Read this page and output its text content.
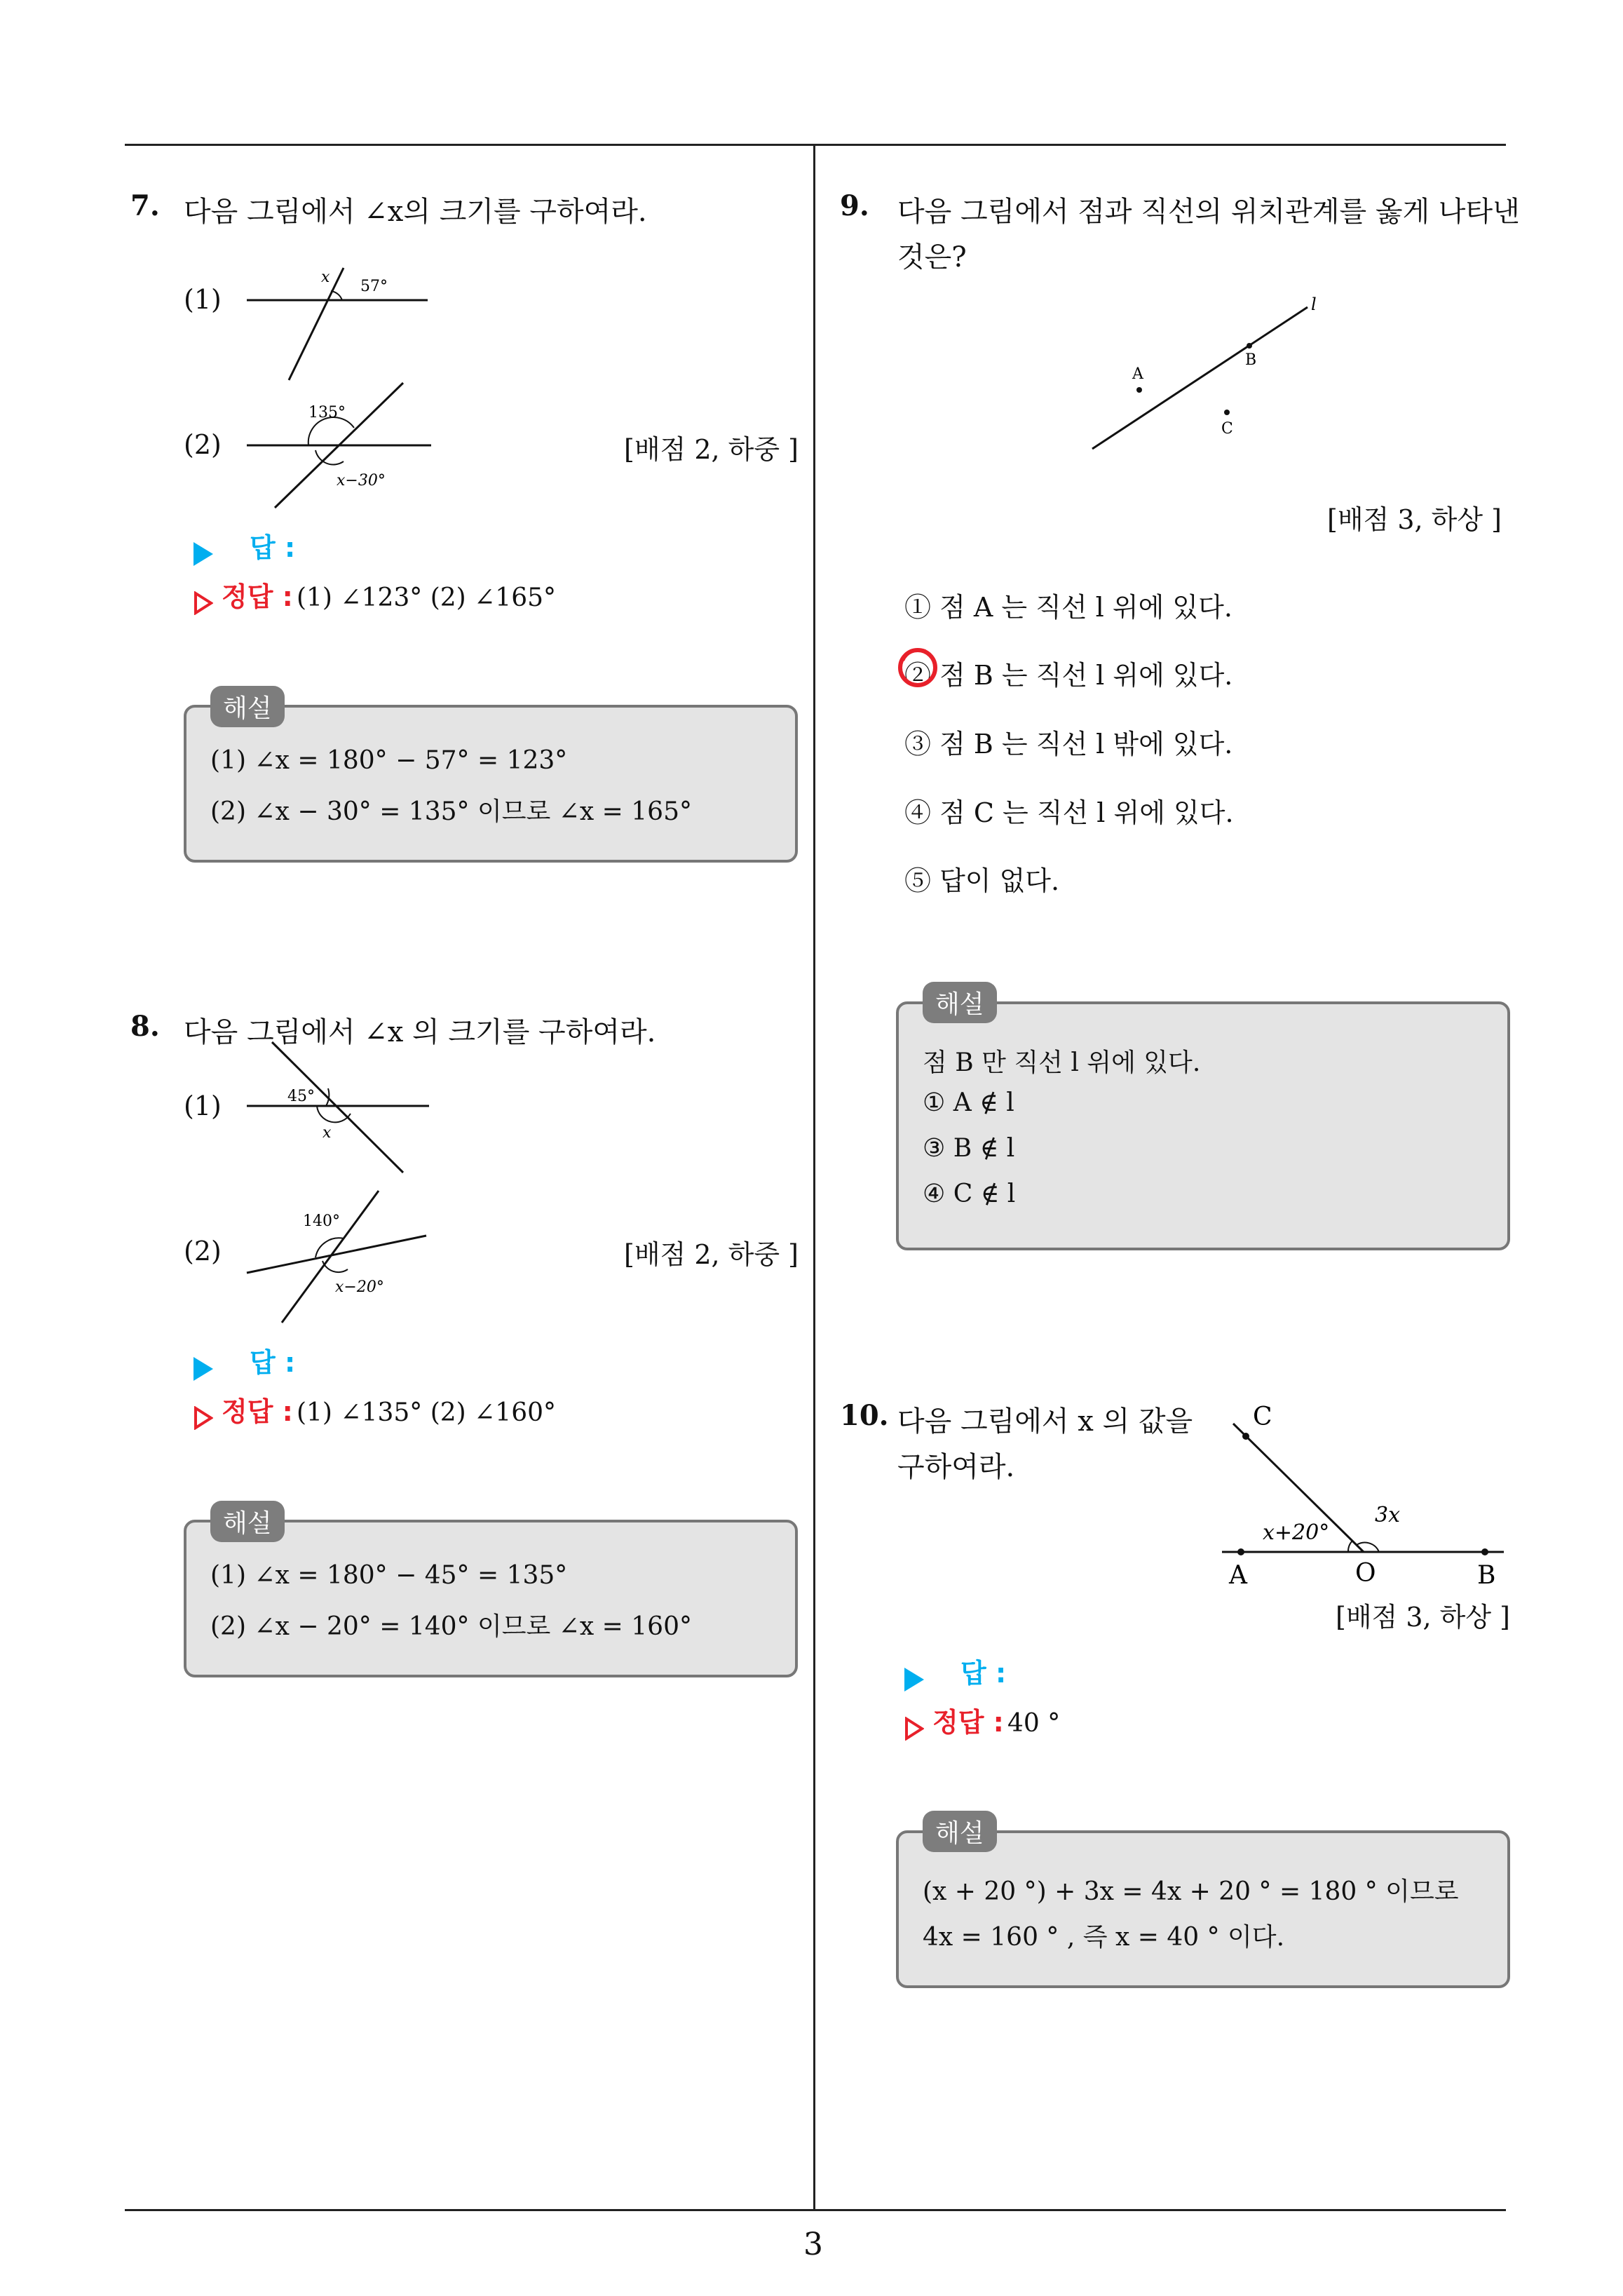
3
7. 다음 그림에서 ∠x의 크기를 구하여라.
(1)
x
57°
(2)
135°
x−30°
[배점 2, 하중 ]
답 :
정답 : (1) ∠123° (2) ∠165°
(1) ∠x = 180° − 57° = 123°
(2) ∠x − 30° = 135° 이므로 ∠x = 165°
해설
8. 다음 그림에서 ∠x 의 크기를 구하여라.
(1)	45°
x
(2)
140°
x−20°
[배점 2, 하중 ]
답 :
정답 : (1) ∠135° (2) ∠160°
(1) ∠x = 180° − 45° = 135°
(2) ∠x − 20° = 140° 이므로 ∠x = 160°
해설
9. 다음 그림에서 점과 직선의 위치관계를 옳게 나타낸
것은?
l
A
B
C
[배점 3, 하상 ]
① 점 A 는 직선 l 위에 있다.
② 점 B 는 직선 l 위에 있다.
③ 점 B 는 직선 l 밖에 있다.
④ 점 C 는 직선 l 위에 있다.
⑤ 답이 없다.
점 B 만 직선 l 위에 있다.
① A ∉ l
③ B ∉ l
④ C ∉ l
해설
10. 다음 그림에서 x 의 값을
구하여라.
C
A	O	B
x+20°
3x
[배점 3, 하상 ]
답 :
정답 : 40 °
(x + 20 °) + 3x = 4x + 20 ° = 180 ° 이므로
4x = 160 ° , 즉 x = 40 ° 이다.
해설
